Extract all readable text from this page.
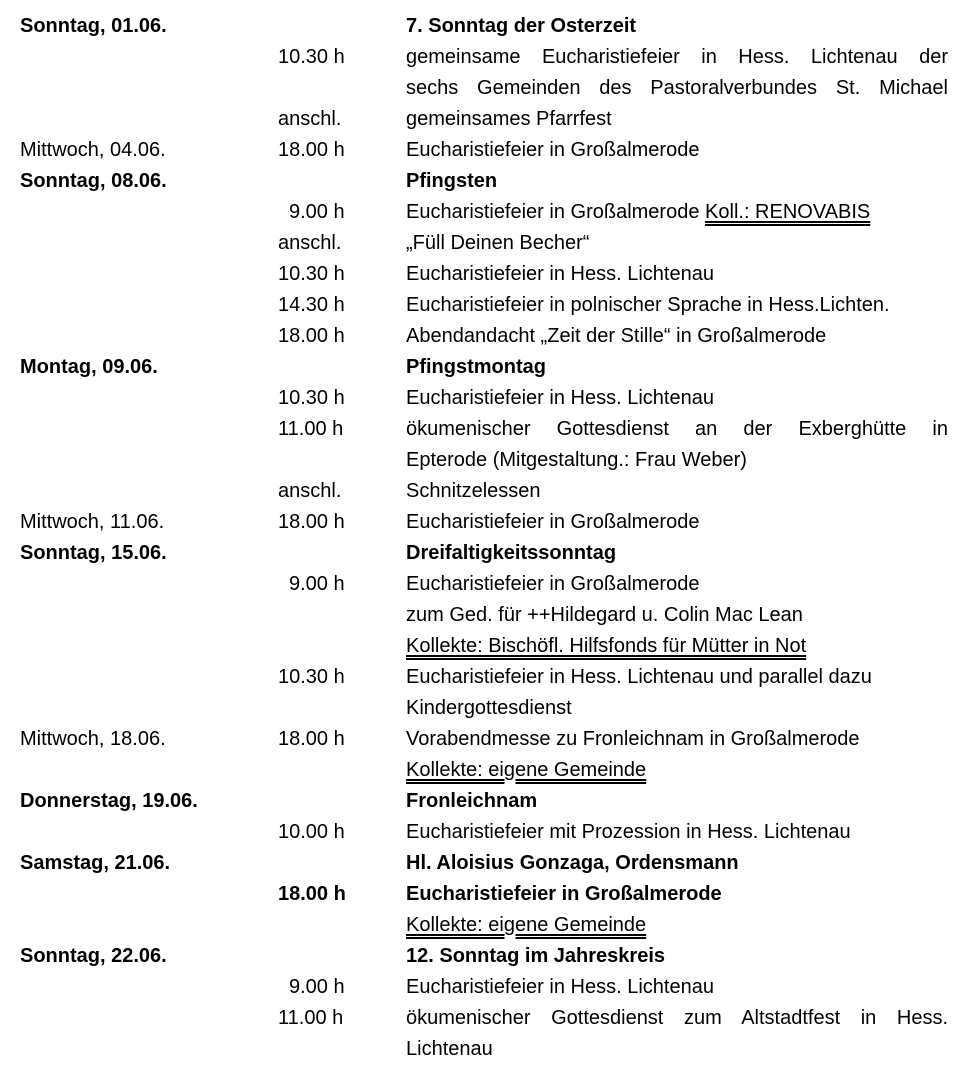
Sonntag, 01.06.	7. Sonntag der Osterzeit
10.30 h	gemeinsame Eucharistiefeier in Hess. Lichtenau der
sechs Gemeinden des Pastoralverbundes St. Michael
anschl.	gemeinsames Pfarrfest
Mittwoch, 04.06.	18.00 h	Eucharistiefeier in Großalmerode
Sonntag, 08.06.	Pfingsten
9.00 h	Eucharistiefeier in Großalmerode Koll.: RENOVABIS
anschl.	„Füll Deinen Becher“
10.30 h	Eucharistiefeier in Hess. Lichtenau
14.30 h	Eucharistiefeier in polnischer Sprache in Hess.Lichten.
18.00 h	Abendandacht „Zeit der Stille“ in Großalmerode
Montag, 09.06.	Pfingstmontag
10.30 h	Eucharistiefeier in Hess. Lichtenau
11.00 h	ökumenischer Gottesdienst an der Exberghütte in
Epterode (Mitgestaltung.: Frau Weber)
anschl.	Schnitzelessen
Mittwoch, 11.06.	18.00 h	Eucharistiefeier in Großalmerode
Sonntag, 15.06.	Dreifaltigkeitssonntag
9.00 h	Eucharistiefeier in Großalmerode
zum Ged. für ++Hildegard u. Colin Mac Lean
Kollekte: Bischöfl. Hilfsfonds für Mütter in Not
10.30 h	Eucharistiefeier in Hess. Lichtenau und parallel dazu
Kindergottesdienst
Mittwoch, 18.06.	18.00 h	Vorabendmesse zu Fronleichnam in Großalmerode
Kollekte: eigene Gemeinde
Donnerstag, 19.06.	Fronleichnam
10.00 h	Eucharistiefeier mit Prozession in Hess. Lichtenau
Samstag, 21.06.	Hl. Aloisius Gonzaga, Ordensmann
18.00 h	Eucharistiefeier in Großalmerode
Kollekte: eigene Gemeinde
Sonntag, 22.06.	12. Sonntag im Jahreskreis
9.00 h	Eucharistiefeier in Hess. Lichtenau
11.00 h	ökumenischer Gottesdienst zum Altstadtfest in Hess.
Lichtenau
